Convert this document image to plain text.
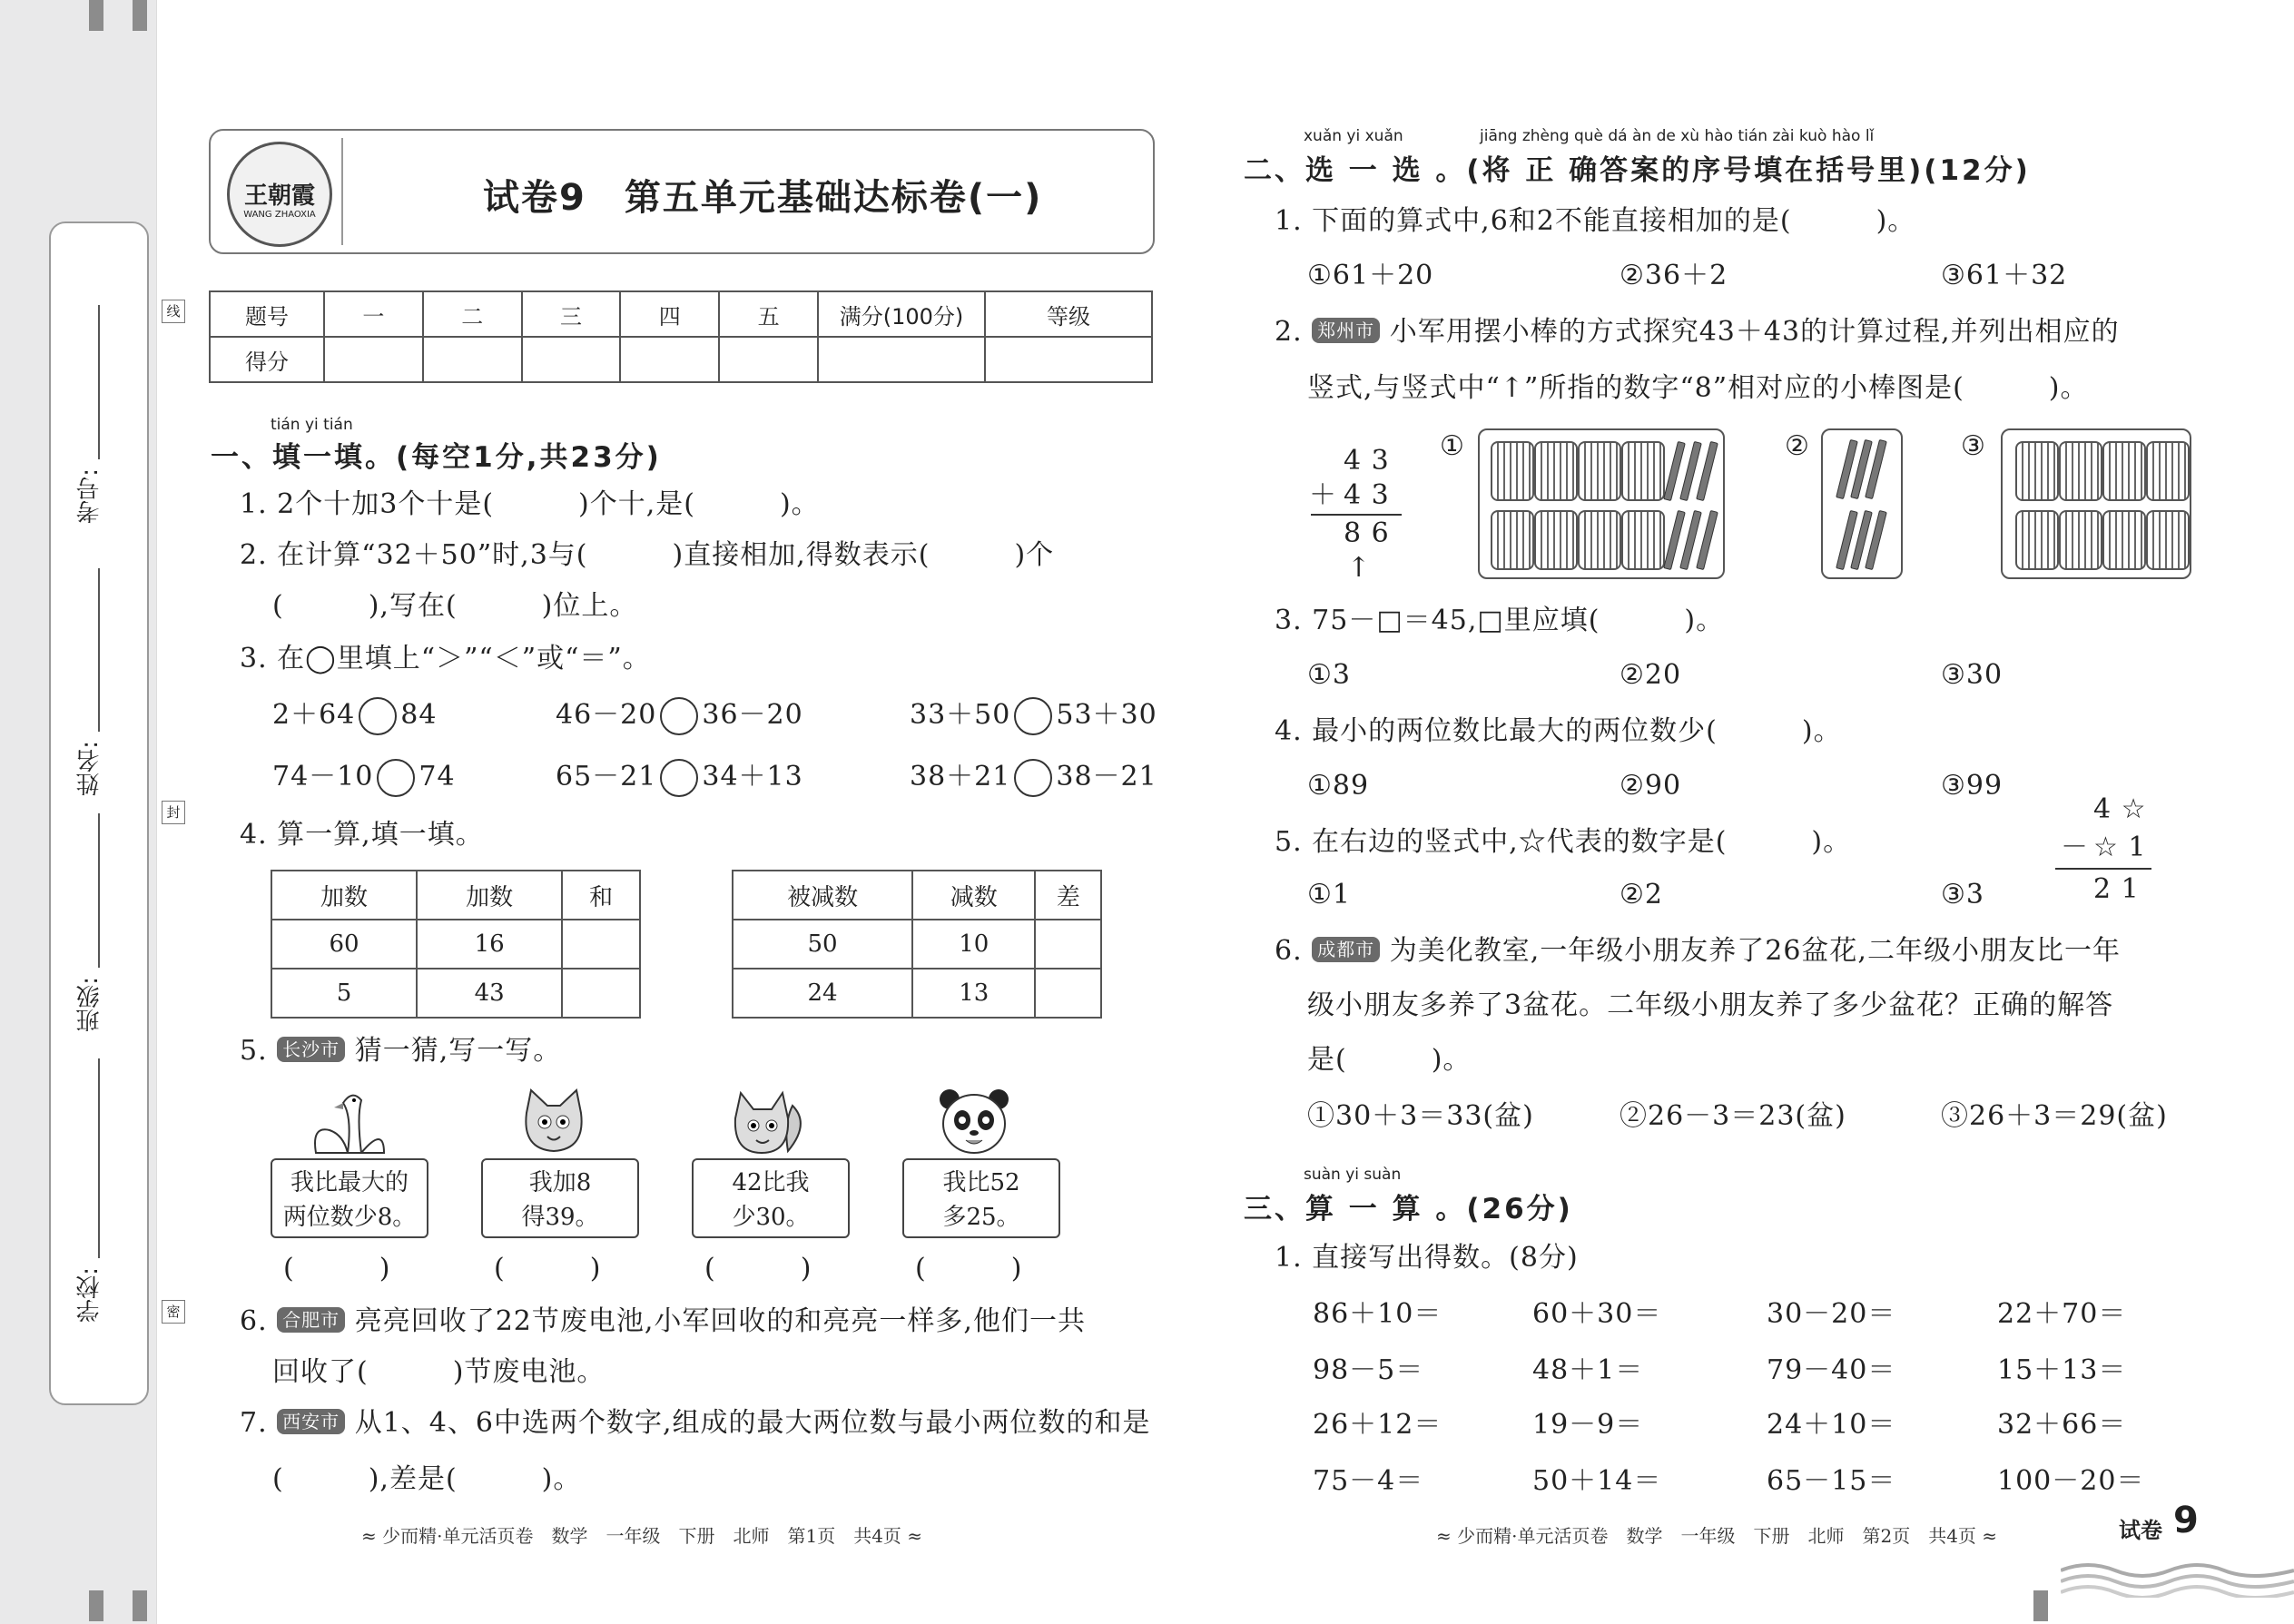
考号:
姓名:
班级:
学校:
线
封
密
王朝霞
WANG ZHAOXIA	试卷9　第五单元基础达标卷(一)
题号	一	二	三	四	五	满分(100分)	等级
得分							
tián yi tián
一、填一填。(每空1分,共23分)
1. 2个十加3个十是(　　　)个十,是(　　　)。
2. 在计算“32＋50”时,3与(　　　)直接相加,得数表示(　　　)个
(　　　),写在(　　　)位上。
3. 在◯里填上“＞”“＜”或“＝”。
2＋64 84	46－20 36－20	33＋50 53＋30
74－10 74	65－21 34＋13	38＋21 38－21
4. 算一算,填一填。
加数	加数	和
60	16	
5	43	
被减数	减数	差
50	10	
24	13	
5. 长沙市 猜一猜,写一写。
我比最大的
两位数少8。
我加8
得39。
42比我
少30。
我比52
多25。
(　　　)	(　　　)	(　　　)	(　　　)
6. 合肥市 亮亮回收了22节废电池,小军回收的和亮亮一样多,他们一共
回收了(　　　)节废电池。
7. 西安市 从1、4、6中选两个数字,组成的最大两位数与最小两位数的和是
(　　　),差是(　　　)。
≈ 少而精·单元活页卷　数学　一年级　下册　北师　第1页　共4页 ≈
xuǎn yi xuǎn	jiāng zhèng què dá àn de xù hào tián zài kuò hào lǐ
二、选 一 选 。(将 正 确答案的序号填在括号里)(12分)
1. 下面的算式中,6和2不能直接相加的是(　　　)。
①61＋20	②36＋2	③61＋32
2. 郑州市 小军用摆小棒的方式探究43＋43的计算过程,并列出相应的
竖式,与竖式中“↑”所指的数字“8”相对应的小棒图是(　　　)。
4 3
＋ 4 3
8 6
↑
①	②	③
3. 75－□＝45,□里应填(　　　)。
①3	②20	③30
4. 最小的两位数比最大的两位数少(　　　)。
①89	②90	③99
4 ☆
－ ☆ 1
2 1
5. 在右边的竖式中,☆代表的数字是(　　　)。
①1	②2	③3
6. 成都市 为美化教室,一年级小朋友养了26盆花,二年级小朋友比一年
级小朋友多养了3盆花。二年级小朋友养了多少盆花？正确的解答
是(　　　)。
①30＋3＝33(盆)	②26－3＝23(盆)	③26＋3＝29(盆)
suàn yi suàn
三、算 一 算 。(26分)
1. 直接写出得数。(8分)
86＋10＝	60＋30＝	30－20＝	22＋70＝
98－5＝	48＋1＝	79－40＝	15＋13＝
26＋12＝	19－9＝	24＋10＝	32＋66＝
75－4＝	50＋14＝	65－15＝	100－20＝
≈ 少而精·单元活页卷　数学　一年级　下册　北师　第2页　共4页 ≈	试卷 9
